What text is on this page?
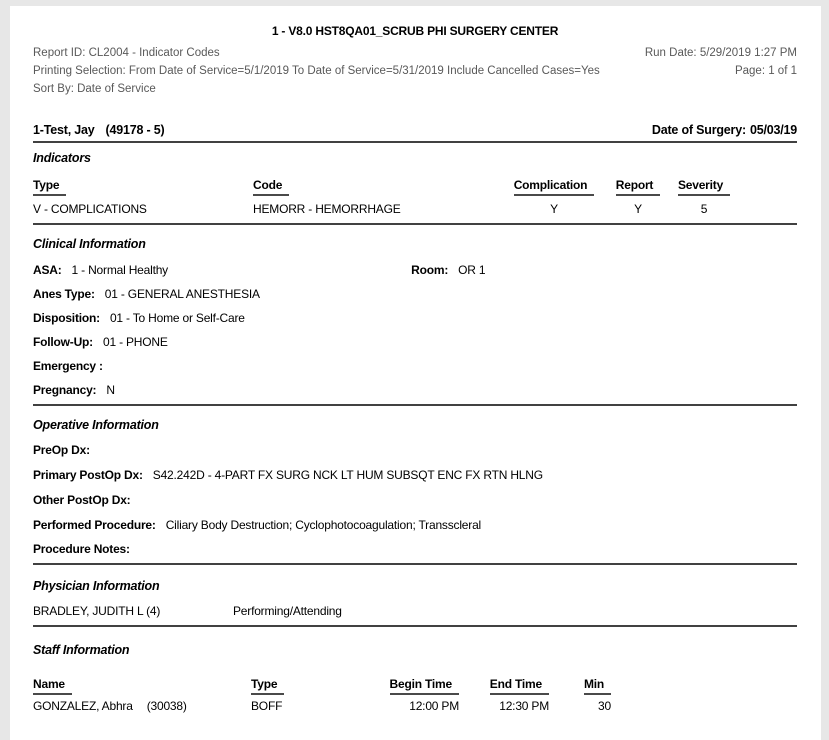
1 - V8.0 HST8QA01_SCRUB PHI SURGERY CENTER
Report ID: CL2004 - Indicator Codes	Run Date: 5/29/2019 1:27 PM
Printing Selection: From Date of Service=5/1/2019 To Date of Service=5/31/2019 Include Cancelled Cases=Yes	Page: 1 of 1
Sort By: Date of Service
1-Test, Jay (49178 - 5)	Date of Surgery: 05/03/19
Indicators
Type	Code	Complication	Report	Severity
V - COMPLICATIONS	HEMORR - HEMORRHAGE	Y	Y	5
Clinical Information
ASA: 1 - Normal Healthy	Room: OR 1
Anes Type: 01 - GENERAL ANESTHESIA
Disposition: 01 - To Home or Self-Care
Follow-Up: 01 - PHONE
Emergency :
Pregnancy: N
Operative Information
PreOp Dx:
Primary PostOp Dx: S42.242D - 4-PART FX SURG NCK LT HUM SUBSQT ENC FX RTN HLNG
Other PostOp Dx:
Performed Procedure: Ciliary Body Destruction; Cyclophotocoagulation; Transscleral
Procedure Notes:
Physician Information
BRADLEY, JUDITH L (4)	Performing/Attending
Staff Information
Name	Type	Begin Time	End Time	Min
GONZALEZ, Abhra (30038)	BOFF	12:00 PM	12:30 PM	30
